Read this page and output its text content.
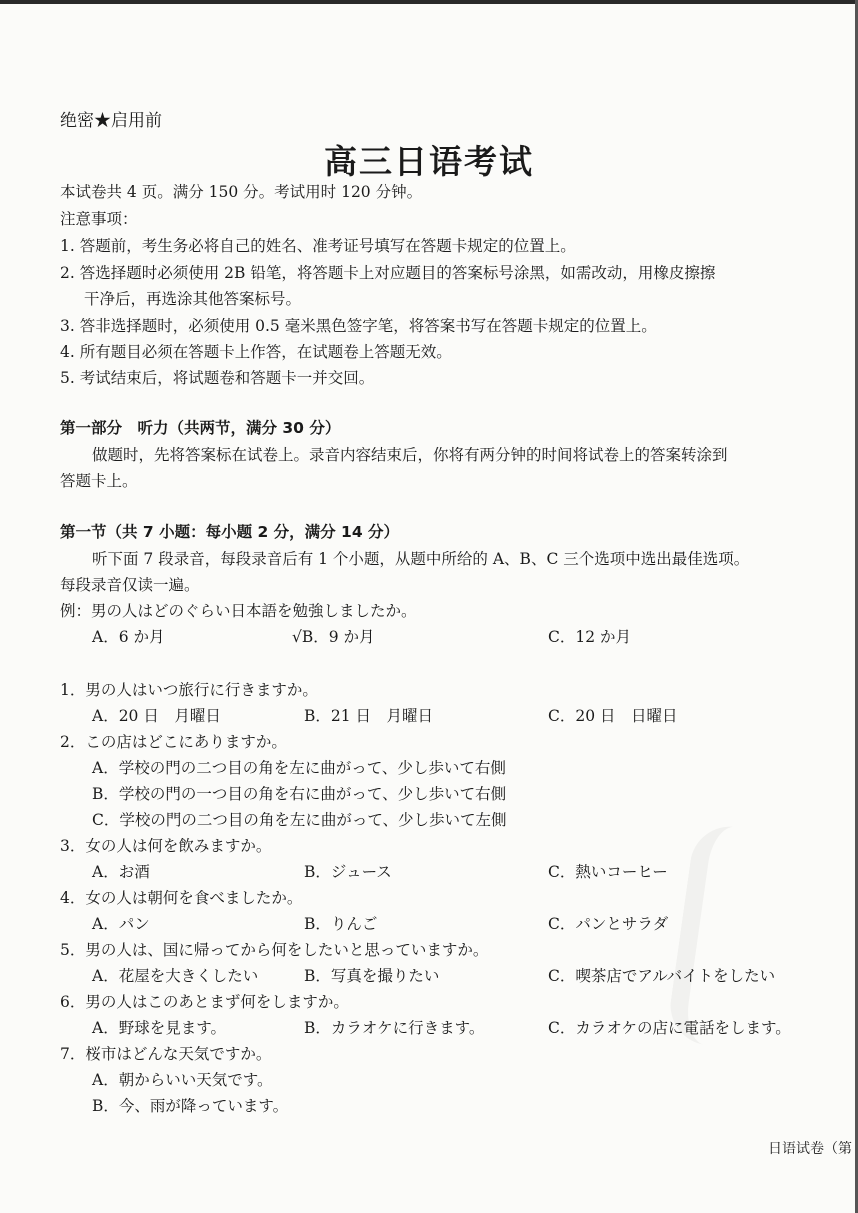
绝密★启用前
高三日语考试
本试卷共 4 页。满分 150 分。考试用时 120 分钟。
注意事项：
1. 答题前，考生务必将自己的姓名、准考证号填写在答题卡规定的位置上。
2. 答选择题时必须使用 2B 铅笔，将答题卡上对应题目的答案标号涂黑，如需改动，用橡皮擦擦
干净后，再选涂其他答案标号。
3. 答非选择题时，必须使用 0.5 毫米黑色签字笔，将答案书写在答题卡规定的位置上。
4. 所有题目必须在答题卡上作答，在试题卷上答题无效。
5. 考试结束后，将试题卷和答题卡一并交回。
第一部分　听力（共两节，满分 30 分）
做题时，先将答案标在试卷上。录音内容结束后，你将有两分钟的时间将试卷上的答案转涂到
答题卡上。
第一节（共 7 小题：每小题 2 分，满分 14 分）
听下面 7 段录音，每段录音后有 1 个小题，从题中所给的 A、B、C 三个选项中选出最佳选项。
每段录音仅读一遍。
例：男の人はどのぐらい日本語を勉強しましたか。
A．6 か月	√B．9 か月	C．12 か月
1．男の人はいつ旅行に行きますか。
A．20 日　月曜日	B．21 日　月曜日	C．20 日　日曜日
2．この店はどこにありますか。
A．学校の門の二つ目の角を左に曲がって、少し歩いて右側
B．学校の門の一つ目の角を右に曲がって、少し歩いて右側
C．学校の門の二つ目の角を左に曲がって、少し歩いて左側
3．女の人は何を飲みますか。
A．お酒	B．ジュース	C．熱いコーヒー
4．女の人は朝何を食べましたか。
A．パン	B．りんご	C．パンとサラダ
5．男の人は、国に帰ってから何をしたいと思っていますか。
A．花屋を大きくしたい	B．写真を撮りたい	C．喫茶店でアルバイトをしたい
6．男の人はこのあとまず何をしますか。
A．野球を見ます。	B．カラオケに行きます。	C．カラオケの店に電話をします。
7．桜市はどんな天気ですか。
A．朝からいい天気です。
B．今、雨が降っています。
日语试卷（第
